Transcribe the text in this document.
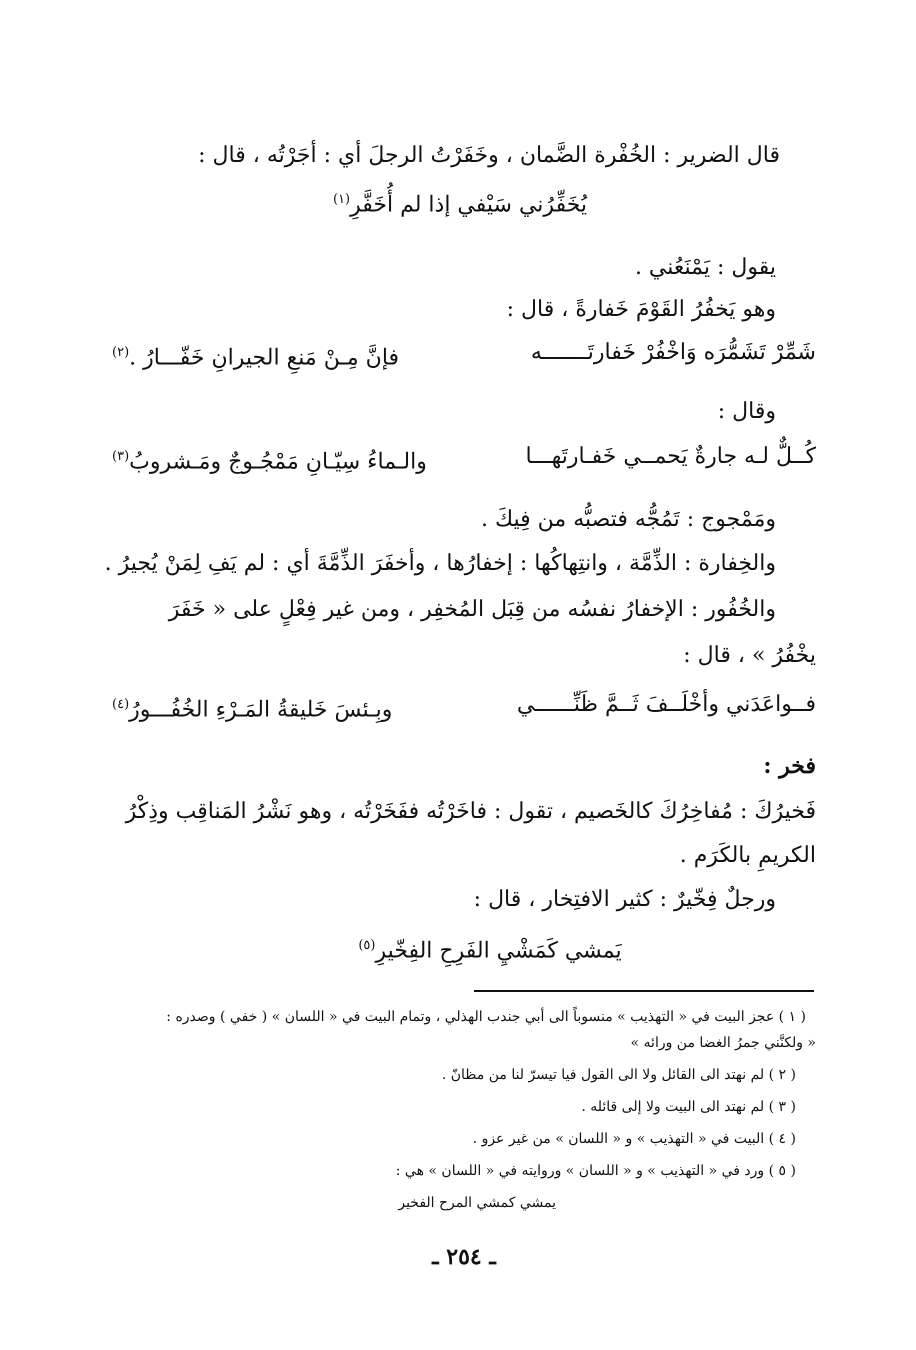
قال الضرير : الخُفْرة الضَّمان ، وخَفَرْتُ الرجلَ أي : أجَرْتُه ، قال :
يُخَفِّرُني سَيْفي إذا لم أُخَفَّرِ$^{(١)}$
يقول : يَمْنَعُني .
وهو يَخفُرُ القَوْمَ خَفارةً ، قال :
شَمِّرْ تَشَمُّرَه وَاخْفُرْ خَفارتَـــــــه
فإنَّ مِـنْ مَنعِ الجيرانِ خَفّـــارُ .$^{(٢)}$
وقال :
كُــلٌّ لـه جارةٌ يَحمــي خَفـارتَهـــا
والـماءُ سِيّـانِ مَمْجُـوجٌ ومَـشروبُ$^{(٣)}$
ومَمْجوج : تَمُجُّه فتصبُّه من فِيكَ .
والخِفارة : الذِّمَّة ، وانتِهاكُها : إخفارُها ، وأخفَرَ الذِّمَّةَ أي : لم يَفِ لِمَنْ يُجيرُ .
والخُفُور : الإخفارُ نفسُه من قِبَل المُخفِر ، ومن غير فِعْلٍ على « خَفَرَ
يخْفُرُ » ، قال :
فــواعَدَني وأخْلَــفَ ثَــمَّ ظَنِّــــــي
وبِـئسَ خَليقةُ المَـرْءِ الخُفُـــورُ$^{(٤)}$
فخر :
فَخيرُكَ : مُفاخِرُكَ كالخَصيم ، تقول : فاخَرْتُه ففَخَرْتُه ، وهو نَشْرُ المَناقِب وذِكْرُ
الكريمِ بالكَرَم .
ورجلٌ فِخّيرٌ : كثير الافتِخار ، قال :
يَمشي كَمَشْيِ الفَرِحِ الفِخّيرِ$^{(٥)}$
( ١ ) عجز البيت في « التهذيب » منسوباً الى أبي جندب الهذلي ، وتمام البيت في « اللسان » ( خفي ) وصدره :
« ولكنَّني جمرُ الغضا من ورائه »
( ٢ ) لم نهتد الى القائل ولا الى القول فيا تيسرّ لنا من مظانّ .
( ٣ ) لم نهتد الى البيت ولا إلى قائله .
( ٤ ) البيت في « التهذيب » و « اللسان » من غير عزو .
( ٥ ) ورد في « التهذيب » و « اللسان » وروايته في « اللسان » هي :
يمشي كمشي المرح الفخير
ـ ٢٥٤ ـ
